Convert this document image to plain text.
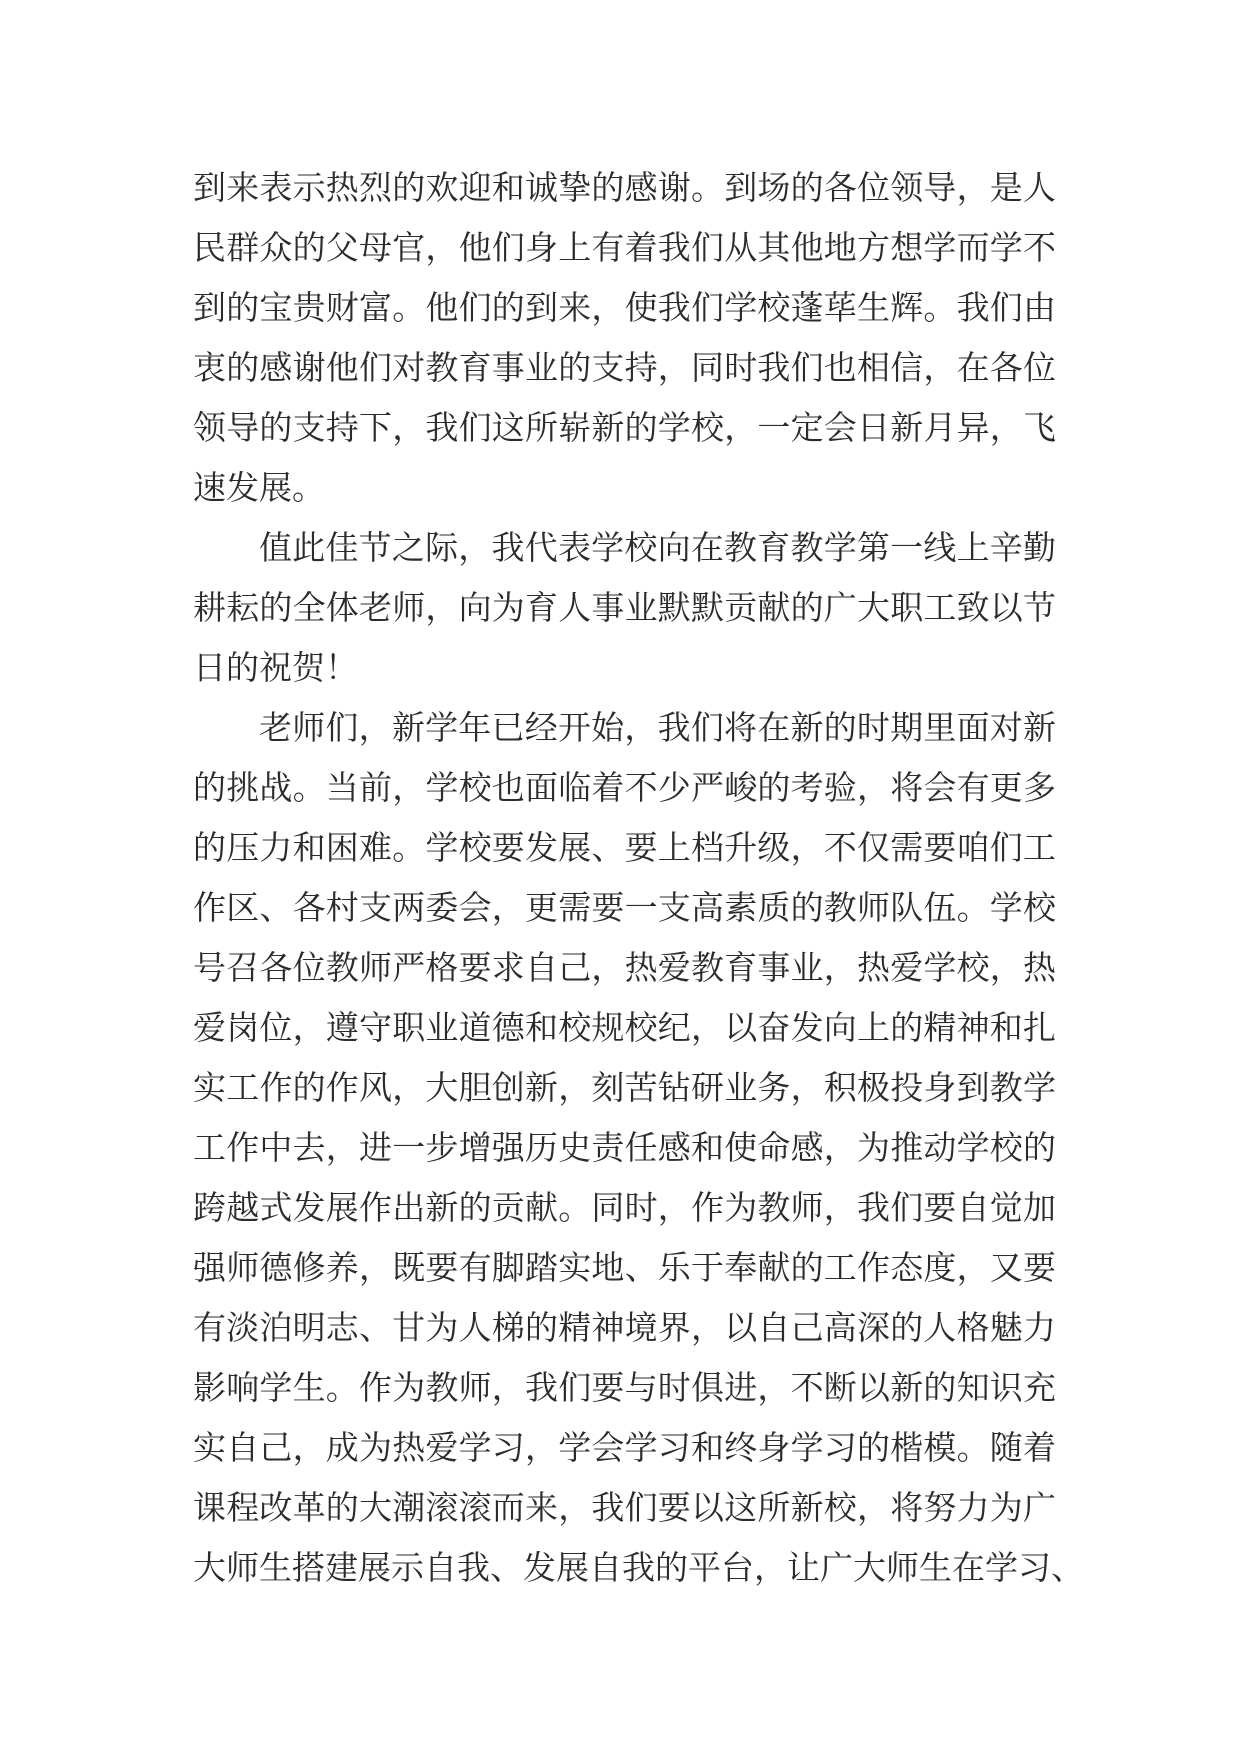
到来表示热烈的欢迎和诚挚的感谢。到场的各位领导，是人
民群众的父母官，他们身上有着我们从其他地方想学而学不
到的宝贵财富。他们的到来，使我们学校蓬荜生辉。我们由
衷的感谢他们对教育事业的支持，同时我们也相信，在各位
领导的支持下，我们这所崭新的学校，一定会日新月异，飞
速发展。
值此佳节之际，我代表学校向在教育教学第一线上辛勤
耕耘的全体老师，向为育人事业默默贡献的广大职工致以节
日的祝贺！
老师们，新学年已经开始，我们将在新的时期里面对新
的挑战。当前，学校也面临着不少严峻的考验，将会有更多
的压力和困难。学校要发展、要上档升级，不仅需要咱们工
作区、各村支两委会，更需要一支高素质的教师队伍。学校
号召各位教师严格要求自己，热爱教育事业，热爱学校，热
爱岗位，遵守职业道德和校规校纪，以奋发向上的精神和扎
实工作的作风，大胆创新，刻苦钻研业务，积极投身到教学
工作中去，进一步增强历史责任感和使命感，为推动学校的
跨越式发展作出新的贡献。同时，作为教师，我们要自觉加
强师德修养，既要有脚踏实地、乐于奉献的工作态度，又要
有淡泊明志、甘为人梯的精神境界，以自己高深的人格魅力
影响学生。作为教师，我们要与时俱进，不断以新的知识充
实自己，成为热爱学习，学会学习和终身学习的楷模。随着
课程改革的大潮滚滚而来，我们要以这所新校，将努力为广
大师生搭建展示自我、发展自我的平台，让广大师生在学习、
